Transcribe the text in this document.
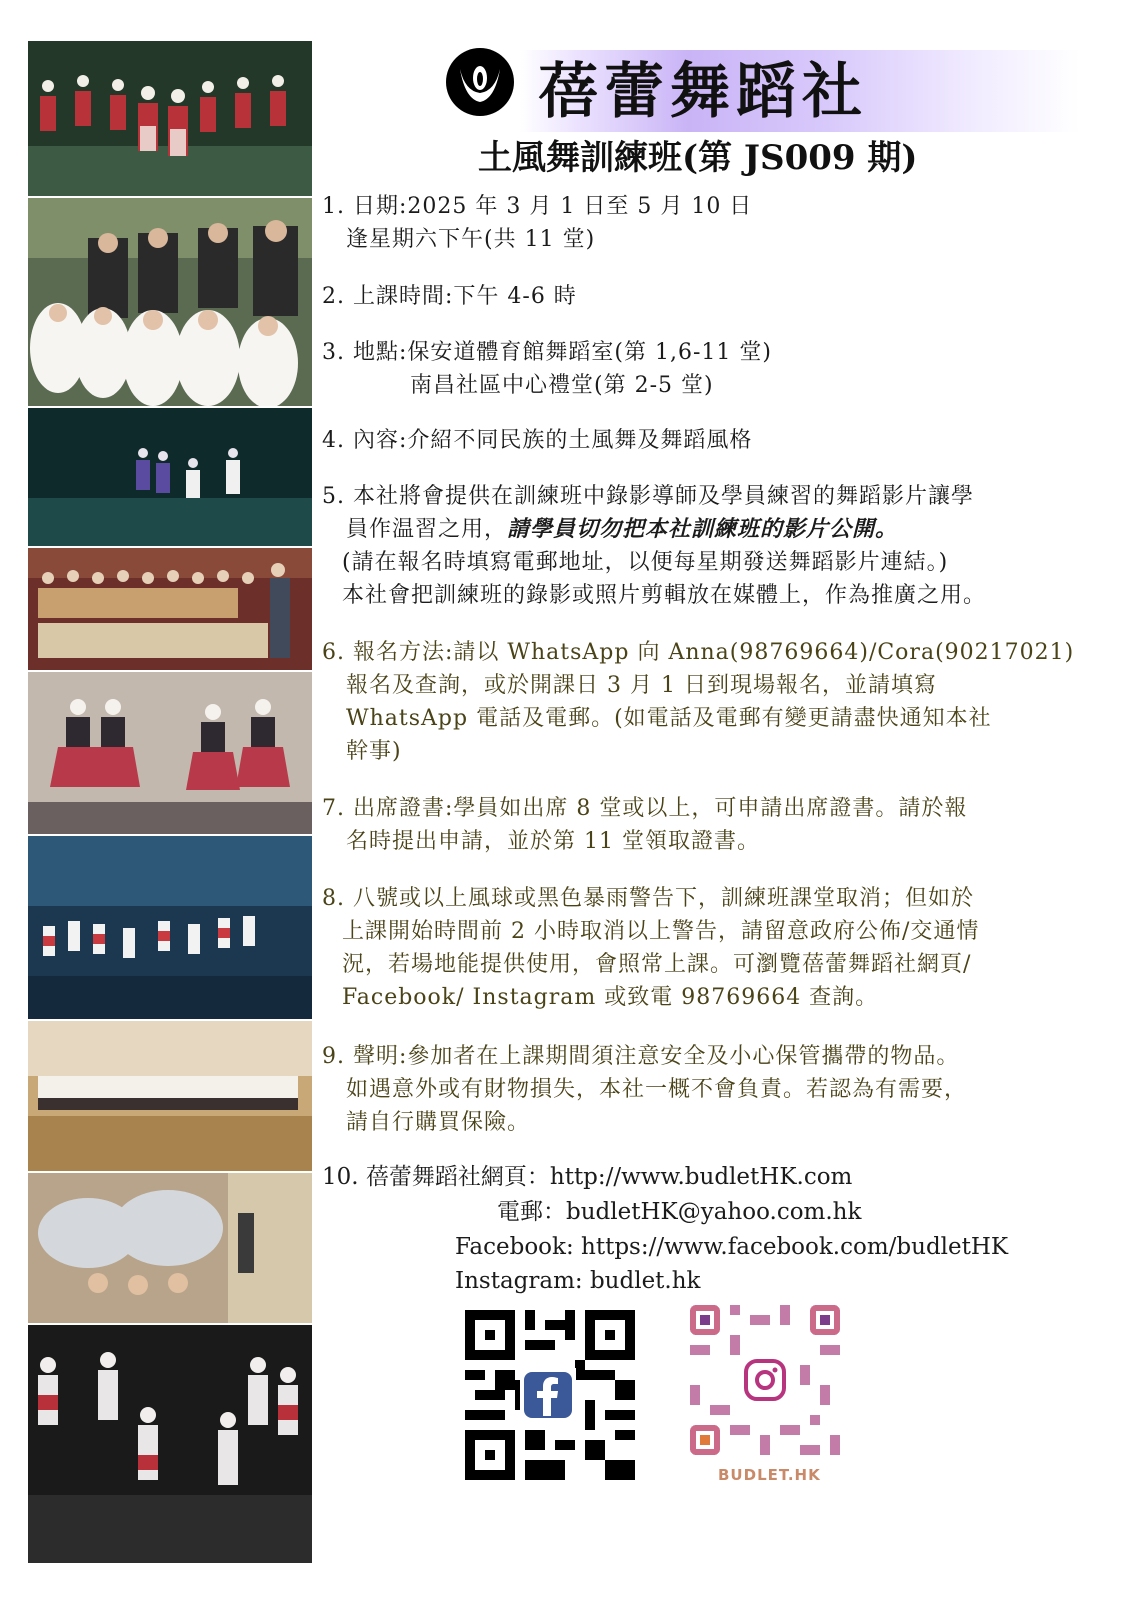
蓓蕾舞蹈社
土風舞訓練班(第 JS009 期)
1. 日期:2025 年 3 月 1 日至 5 月 10 日
逢星期六下午(共 11 堂)
2. 上課時間:下午 4-6 時
3. 地點:保安道體育館舞蹈室(第 1,6-11 堂)
南昌社區中心禮堂(第 2-5 堂)
4. 內容:介紹不同民族的土風舞及舞蹈風格
5. 本社將會提供在訓練班中錄影導師及學員練習的舞蹈影片讓學
員作温習之用，請學員切勿把本社訓練班的影片公開。
(請在報名時填寫電郵地址，以便每星期發送舞蹈影片連結。)
本社會把訓練班的錄影或照片剪輯放在媒體上，作為推廣之用。
6. 報名方法:請以 WhatsApp 向 Anna(98769664)/Cora(90217021)
報名及查詢，或於開課日 3 月 1 日到現場報名，並請填寫
WhatsApp 電話及電郵。(如電話及電郵有變更請盡快通知本社
幹事)
7. 出席證書:學員如出席 8 堂或以上，可申請出席證書。請於報
名時提出申請，並於第 11 堂領取證書。
8. 八號或以上風球或黑色暴雨警告下，訓練班課堂取消；但如於
上課開始時間前 2 小時取消以上警告，請留意政府公佈/交通情
況，若場地能提供使用，會照常上課。可瀏覽蓓蕾舞蹈社網頁/
Facebook/ Instagram 或致電 98769664 查詢。
9. 聲明:參加者在上課期間須注意安全及小心保管攜帶的物品。
如遇意外或有財物損失，本社一概不會負責。若認為有需要，
請自行購買保險。
10. 蓓蕾舞蹈社網頁：http://www.budletHK.com
電郵：budletHK@yahoo.com.hk
Facebook: https://www.facebook.com/budletHK
Instagram: budlet.hk
BUDLET.HK
